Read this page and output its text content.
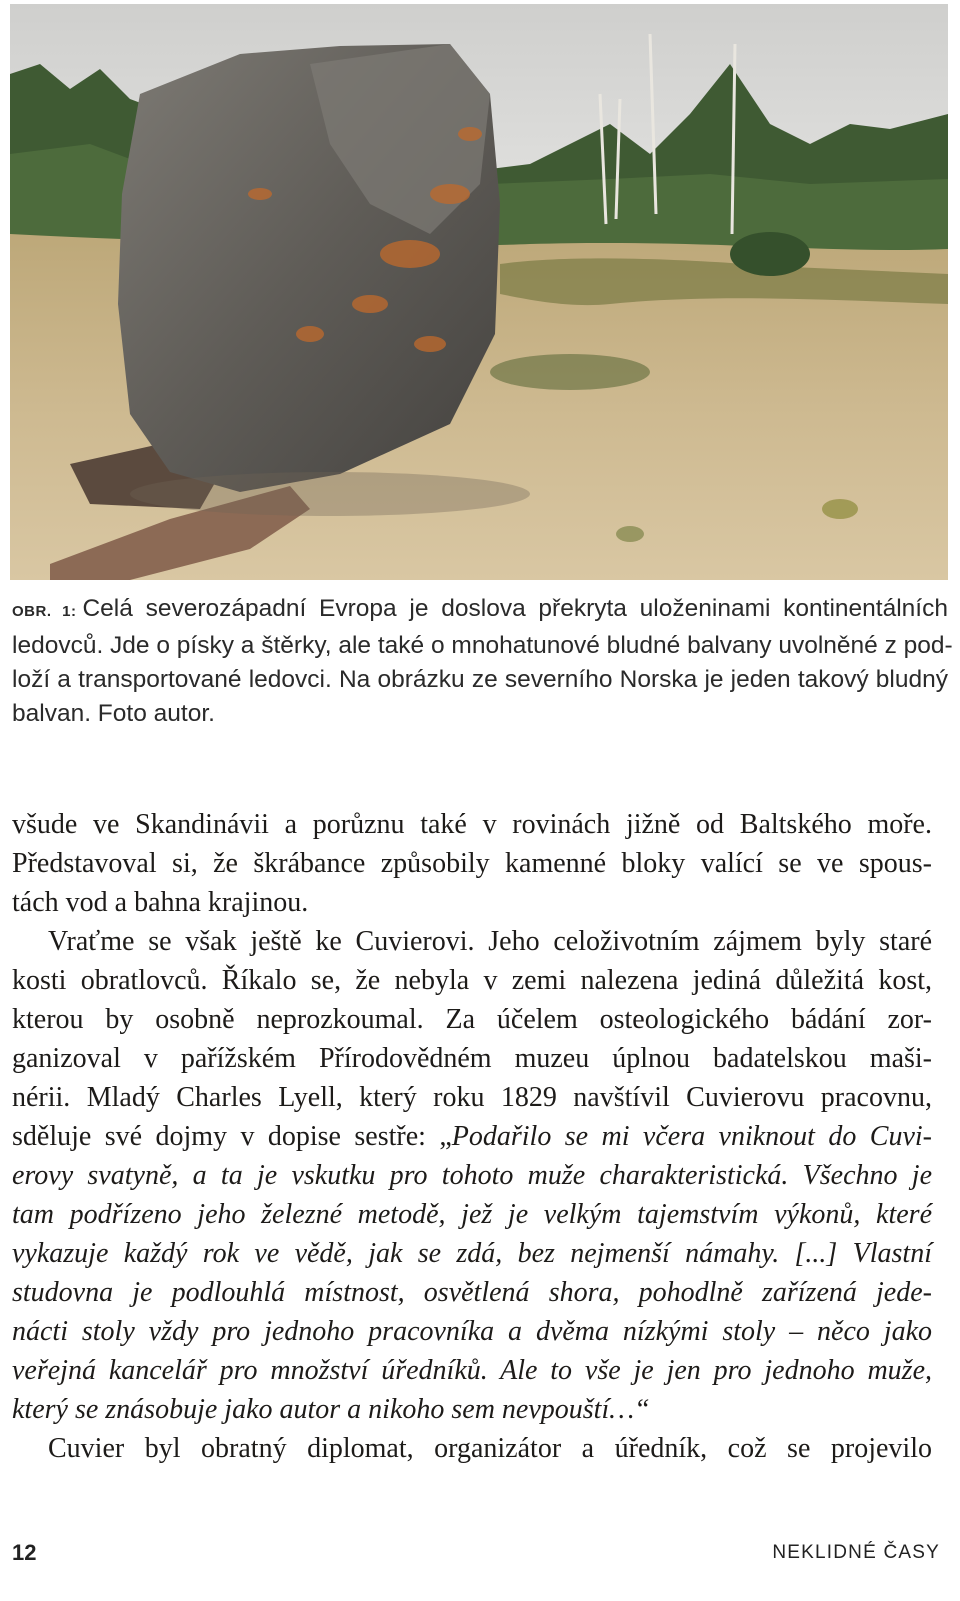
OBR. 1: Celá severozápadní Evropa je doslova překryta uloženinami kontinentálních
ledovců. Jde o písky a štěrky, ale také o mnohatunové bludné balvany uvolněné z pod-
loží a transportované ledovci. Na obrázku ze severního Norska je jeden takový bludný
balvan. Foto autor.
všude ve Skandinávii a porůznu také v rovinách jižně od Baltského moře.
Představoval si, že škrábance způsobily kamenné bloky valící se ve spous-
tách vod a bahna krajinou.
Vraťme se však ještě ke Cuvierovi. Jeho celoživotním zájmem byly staré
kosti obratlovců. Říkalo se, že nebyla v zemi nalezena jediná důležitá kost,
kterou by osobně neprozkoumal. Za účelem osteologického bádání zor-
ganizoval v pařížském Přírodovědném muzeu úplnou badatelskou maši-
nérii. Mladý Charles Lyell, který roku 1829 navštívil Cuvierovu pracovnu,
sděluje své dojmy v dopise sestře: „Podařilo se mi včera vniknout do Cuvi-
erovy svatyně, a ta je vskutku pro tohoto muže charakteristická. Všechno je
tam podřízeno jeho železné metodě, jež je velkým tajemstvím výkonů, které
vykazuje každý rok ve vědě, jak se zdá, bez nejmenší námahy. [...] Vlastní
studovna je podlouhlá místnost, osvětlená shora, pohodlně zařízená jede-
nácti stoly vždy pro jednoho pracovníka a dvěma nízkými stoly – něco jako
veřejná kancelář pro množství úředníků. Ale to vše je jen pro jednoho muže,
který se znásobuje jako autor a nikoho sem nevpouští…“
Cuvier byl obratný diplomat, organizátor a úředník, což se projevilo
12	NEKLIDNÉ ČASY
